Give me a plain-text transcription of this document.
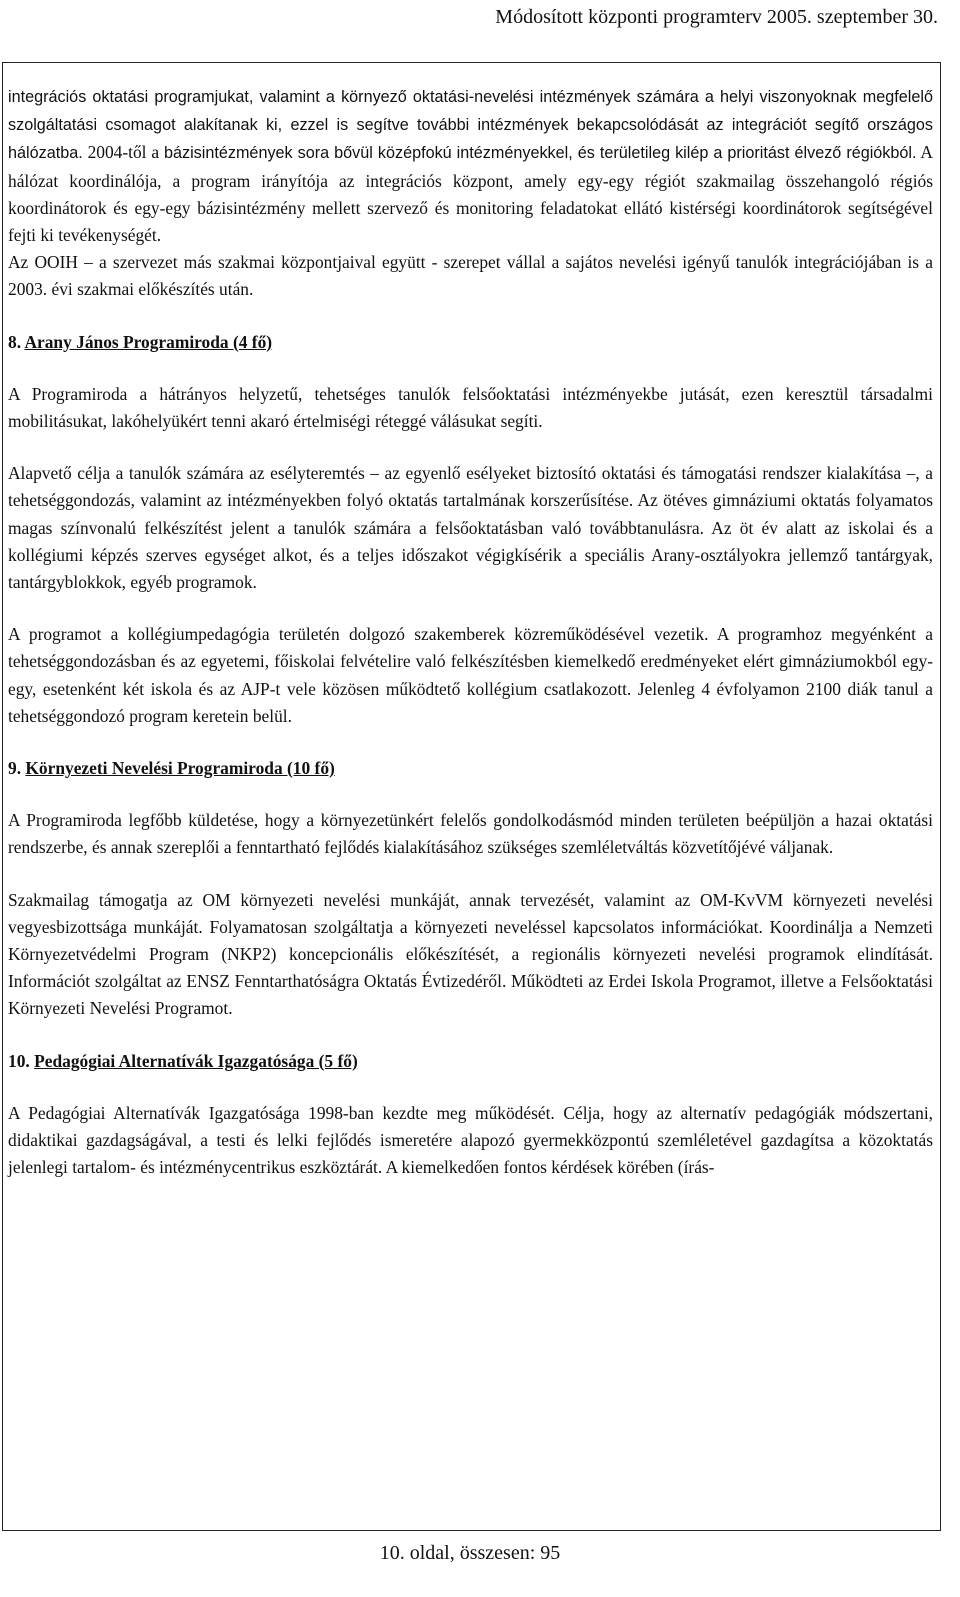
Módosított központi programterv 2005. szeptember 30.

integrációs oktatási programjukat, valamint a környező oktatási-nevelési intézmények számára a helyi viszonyoknak megfelelő szolgáltatási csomagot alakítanak ki, ezzel is segítve további intézmények bekapcsolódását az integrációt segítő országos hálózatba. 2004-től a bázisintézmények sora bővül középfokú intézményekkel, és területileg kilép a prioritást élvező régiókból. A hálózat koordinálója, a program irányítója az integrációs központ, amely egy-egy régiót szakmailag összehangoló régiós koordinátorok és egy-egy bázisintézmény mellett szervező és monitoring feladatokat ellátó kistérségi koordinátorok segítségével fejti ki tevékenységét.

Az OOIH – a szervezet más szakmai központjaival együtt - szerepet vállal a sajátos nevelési igényű tanulók integrációjában is a 2003. évi szakmai előkészítés után.

8. Arany János Programiroda (4 fő)

A Programiroda a hátrányos helyzetű, tehetséges tanulók felsőoktatási intézményekbe jutását, ezen keresztül társadalmi mobilitásukat, lakóhelyükért tenni akaró értelmiségi réteggé válásukat segíti.

Alapvető célja a tanulók számára az esélyteremtés – az egyenlő esélyeket biztosító oktatási és támogatási rendszer kialakítása –, a tehetséggondozás, valamint az intézményekben folyó oktatás tartalmának korszerűsítése. Az ötéves gimnáziumi oktatás folyamatos magas színvonalú felkészítést jelent a tanulók számára a felsőoktatásban való továbbtanulásra. Az öt év alatt az iskolai és a kollégiumi képzés szerves egységet alkot, és a teljes időszakot végigkísérik a speciális Arany-osztályokra jellemző tantárgyak, tantárgyblokkok, egyéb programok.

A programot a kollégiumpedagógia területén dolgozó szakemberek közreműködésével vezetik. A programhoz megyénként a tehetséggondozásban és az egyetemi, főiskolai felvételire való felkészítésben kiemelkedő eredményeket elért gimnáziumokból egy-egy, esetenként két iskola és az AJP-t vele közösen működtető kollégium csatlakozott. Jelenleg 4 évfolyamon 2100 diák tanul a tehetséggondozó program keretein belül.

9. Környezeti Nevelési Programiroda (10 fő)

A Programiroda legfőbb küldetése, hogy a környezetünkért felelős gondolkodásmód minden területen beépüljön a hazai oktatási rendszerbe, és annak szereplői a fenntartható fejlődés kialakításához szükséges szemléletváltás közvetítőjévé váljanak.

Szakmailag támogatja az OM környezeti nevelési munkáját, annak tervezését, valamint az OM-KvVM környezeti nevelési vegyesbizottsága munkáját. Folyamatosan szolgáltatja a környezeti neveléssel kapcsolatos információkat. Koordinálja a Nemzeti Környezetvédelmi Program (NKP2) koncepcionális előkészítését, a regionális környezeti nevelési programok elindítását. Információt szolgáltat az ENSZ Fenntarthatóságra Oktatás Évtizedéről. Működteti az Erdei Iskola Programot, illetve a Felsőoktatási Környezeti Nevelési Programot.

10. Pedagógiai Alternatívák Igazgatósága (5 fő)

A Pedagógiai Alternatívák Igazgatósága 1998-ban kezdte meg működését. Célja, hogy az alternatív pedagógiák módszertani, didaktikai gazdagságával, a testi és lelki fejlődés ismeretére alapozó gyermekközpontú szemléletével gazdagítsa a közoktatás jelenlegi tartalom- és intézménycentrikus eszköztárát. A kiemelkedően fontos kérdések körében (írás-

10. oldal, összesen: 95
